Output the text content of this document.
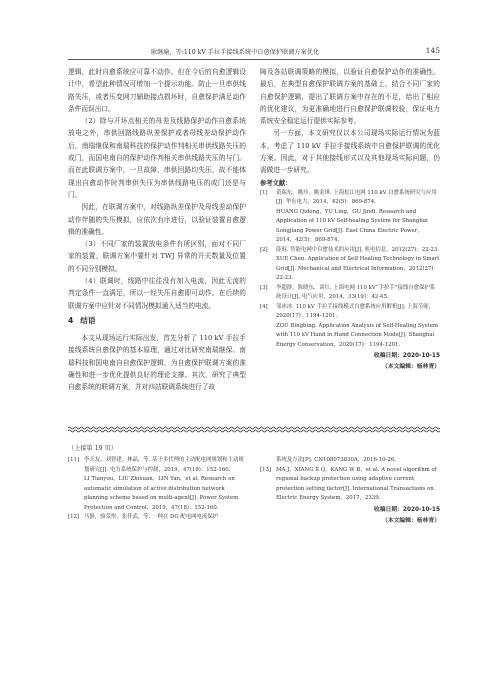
耿继瑜，等:110 kV 手拉手接线系统中自愈保护联调方案优化	145

逻辑，此时自愈系统应可靠不动作。但在今后的自愈逻辑设计中，希望此种情况可增加一个提示功能。防止一旦串供线路失压，或者压变网刀辅助接点损坏时，自愈保护满足动作条件而误出口。

（2）除与开环点相关的母差及线路保护动作自愈系统放电之外，串供回路线路纵差保护或者母线差动保护动作后，南瑞继保和南瑞科技的保护动作判相关串供线路失压的或门，而国电南自的保护动作判相关串供线路失压的与门。而在此联调方案中，一旦故障，串供回路均失压，故不能体现出自愈动作时判串供失压为串供线路电压的或门还是与门。

因此，在联调方案中，对线路纵差保护及母线差动保护动作伴随的失压模拟，应依次有序进行，以验证装置自愈逻辑的准确性。

（3）不同厂家的装置放电条件有所区别，面对不同厂家的装置，联调方案中要针对 TWJ 异常的开关数量及位置的不同分别模拟。

（4）联调时，线路中往往没有加入电流，因此无流的判定条件一直满足，所以一经失压自愈即可动作。在后续的联调方案中应针对不同情况模拟通入适当的电流。

4 结语

本文从现场运行实际出发，首先分析了 110 kV 手拉手接线系统自愈保护的基本原理，通过对比研究南瑞继保、南瑞科技和国电南自自愈保护逻辑，为自愈保护联调方案的准确性和进一步优化提供良好的理论支撑。其次，研究了典型自愈系统的联调方案，并对四站联调系统进行了故

障及各站联调策略的模拟，以验证自愈保护动作的准确性。最后，在典型自愈保护联调方案的基础上，结合不同厂家的自愈保护逻辑，提出了联调方案中存在的不足，给出了相应的优化建议，为更准确地进行自愈保护联调校验，保证电力系统安全稳定运行提供实际参考。

另一方面，本文研究仅以本公司现场实际运行情况为蓝本，考虑了 110 kV 手拉手接线系统中自愈保护联调的优化方案。因此，对于其他接线形式以及其他现场实际问题，仍需做进一步研究。

参考文献：
[1] 黄瑞东，姚玲，姚金琪. 上海松江电网 110 kV 自愈系统研究与应用[J]. 华东电力，2014，42(5)：869-874.
HUANG Qidong，YU Ling，GU Jindi. Research and Application of 110 kV Self-healing System for Shanghai Songjiang Power Grid[J]. East China Electric Power，2014，42(5)：869-874.
[2] 薛琨. 智能电网中自愈技术的应用[J]. 机电信息，2012(27)：22-23.
XUE Chen. Application of Self Healing Technology in Smart Grid[J]. Mechanical and Electrical Information，2012(27)：22-23.
[3] 李超群，陈晓东，谈红. 上海电网 110 kV“手拉手”接线自愈保护系统设计[J]. 电气应用，2014，33(19)：42-45.
[4] 邹冰冰. 110 kV 手拉手接线模式自愈系统应用解析[J]. 上海节能，2020(17)：1194-1201.
ZOU Bingbing. Application Analysis of Self-Healing System with 110 kV Hand in Hand Connection Mode[J]. Shanghai Energy Conservation，2020(17)：1194-1201.
收稿日期：2020-10-15
（本文编辑：杨林青）
（上接第 19 页）
[11] 李天友，刘智建，林晶，等. 基于多代理的主动配电网规划和主动规划研究[J]. 电力系统保护与控制，2019，47(18)：152-160.
LI Tianyou，LIU Zhixuan，LIN Yan，et al. Research on automatic simulation of active distribution network planning scheme based on multi-agent[J]. Power System Protection and Control，2019，47(18)：152-160.
[12] 马静，骆荥彤，张佳武，等. 一种在 DG 配电网电流保护
系统及方法[P]. CN108073830A，2016-10-26.
[13] MA J，XIANG X Q，KANG W B，et al. A novel algorithm of regional backup protection using adaptive current protection setting factor[J]. International Transactions on Electric Energy System，2017，2339.
收稿日期：2020-10-15
（本文编辑：杨林青）
